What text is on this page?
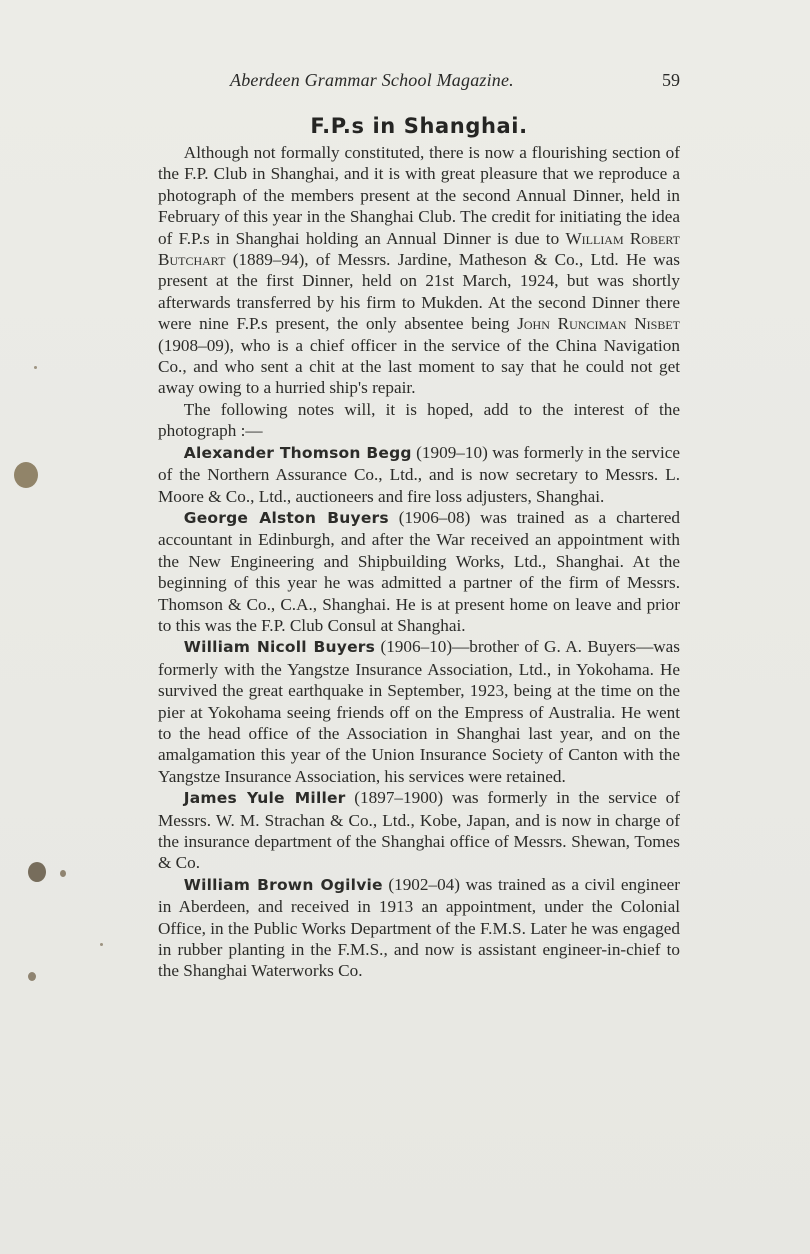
Aberdeen Grammar School Magazine.	59
F.P.s in Shanghai.

  Although not formally constituted, there is now a flourishing section of the F.P. Club in Shanghai, and it is with great pleasure that we reproduce a photograph of the members present at the second Annual Dinner, held in February of this year in the Shanghai Club. The credit for initiating the idea of F.P.s in Shanghai holding an Annual Dinner is due to William Robert Butchart (1889–94), of Messrs. Jardine, Matheson & Co., Ltd. He was present at the first Dinner, held on 21st March, 1924, but was shortly afterwards transferred by his firm to Mukden. At the second Dinner there were nine F.P.s present, the only absentee being John Runciman Nisbet (1908–09), who is a chief officer in the service of the China Navigation Co., and who sent a chit at the last moment to say that he could not get away owing to a hurried ship's repair.

  The following notes will, it is hoped, add to the interest of the photograph :—

  Alexander Thomson Begg (1909–10) was formerly in the service of the Northern Assurance Co., Ltd., and is now secretary to Messrs. L. Moore & Co., Ltd., auctioneers and fire loss adjusters, Shanghai.

  George Alston Buyers (1906–08) was trained as a chartered accountant in Edinburgh, and after the War received an appointment with the New Engineering and Shipbuilding Works, Ltd., Shanghai. At the beginning of this year he was admitted a partner of the firm of Messrs. Thomson & Co., C.A., Shanghai. He is at present home on leave and prior to this was the F.P. Club Consul at Shanghai.

  William Nicoll Buyers (1906–10)—brother of G. A. Buyers—was formerly with the Yangstze Insurance Association, Ltd., in Yokohama. He survived the great earthquake in September, 1923, being at the time on the pier at Yokohama seeing friends off on the Empress of Australia. He went to the head office of the Association in Shanghai last year, and on the amalgamation this year of the Union Insurance Society of Canton with the Yangstze Insurance Association, his services were retained.

  James Yule Miller (1897–1900) was formerly in the service of Messrs. W. M. Strachan & Co., Ltd., Kobe, Japan, and is now in charge of the insurance department of the Shanghai office of Messrs. Shewan, Tomes & Co.

  William Brown Ogilvie (1902–04) was trained as a civil engineer in Aberdeen, and received in 1913 an appointment, under the Colonial Office, in the Public Works Department of the F.M.S. Later he was engaged in rubber planting in the F.M.S., and now is assistant engineer-in-chief to the Shanghai Waterworks Co.
